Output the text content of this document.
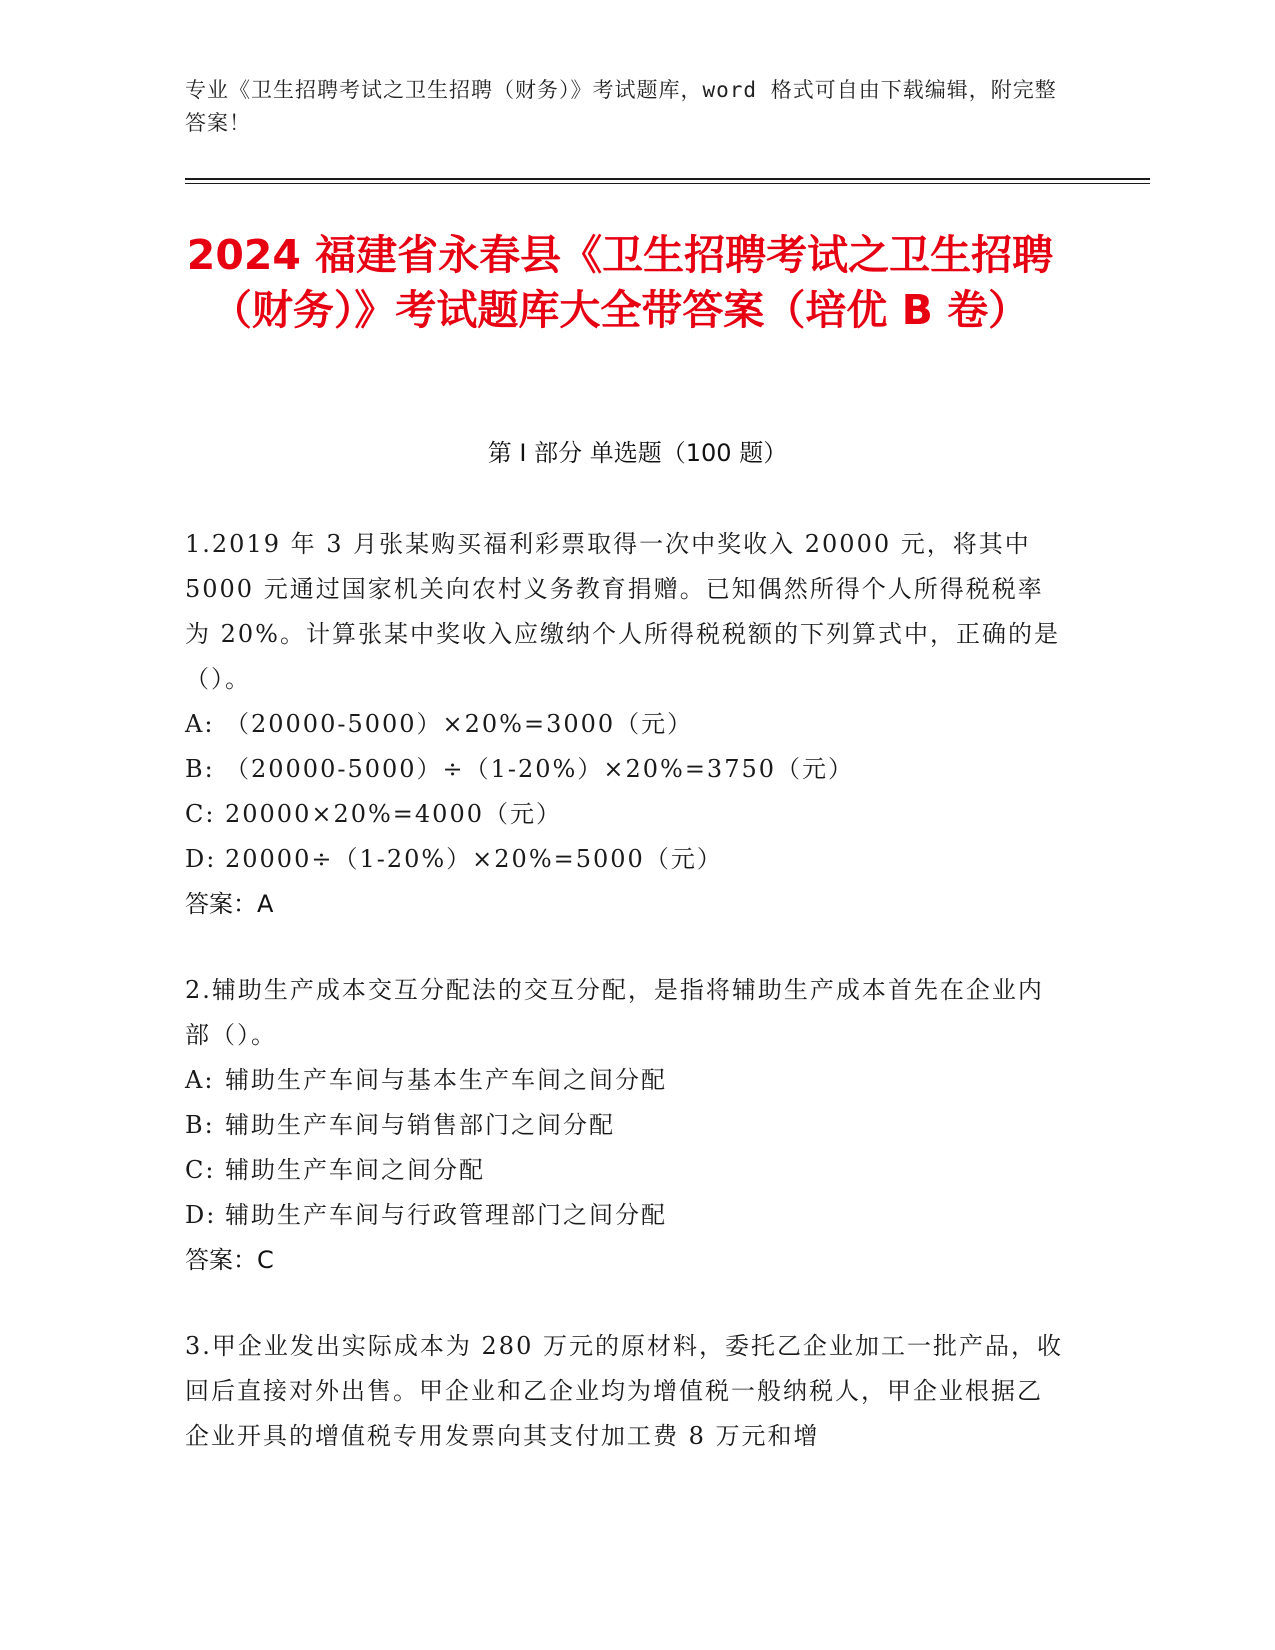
专业《卫生招聘考试之卫生招聘（财务）》考试题库，word 格式可自由下载编辑，附完整答案！
2024 福建省永春县《卫生招聘考试之卫生招聘（财务）》考试题库大全带答案（培优 B 卷）
第 I 部分 单选题（100 题）

1.2019 年 3 月张某购买福利彩票取得一次中奖收入 20000 元，将其中 5000 元通过国家机关向农村义务教育捐赠。已知偶然所得个人所得税税率为 20%。计算张某中奖收入应缴纳个人所得税税额的下列算式中，正确的是（）。

A: （20000-5000）×20%=3000（元）

B: （20000-5000）÷（1-20%）×20%=3750（元）

C: 20000×20%=4000（元）

D: 20000÷（1-20%）×20%=5000（元）

答案：A

2.辅助生产成本交互分配法的交互分配，是指将辅助生产成本首先在企业内部（）。

A: 辅助生产车间与基本生产车间之间分配

B: 辅助生产车间与销售部门之间分配

C: 辅助生产车间之间分配

D: 辅助生产车间与行政管理部门之间分配

答案：C

3.甲企业发出实际成本为 280 万元的原材料，委托乙企业加工一批产品，收回后直接对外出售。甲企业和乙企业均为增值税一般纳税人，甲企业根据乙企业开具的增值税专用发票向其支付加工费 8 万元和增
